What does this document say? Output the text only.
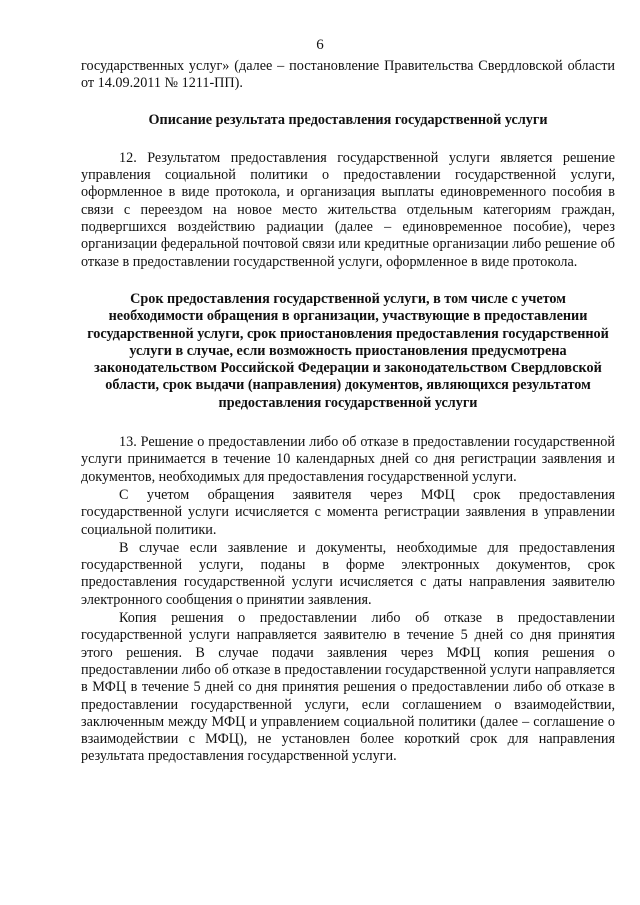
6

государственных услуг» (далее – постановление Правительства Свердловской области от 14.09.2011 № 1211-ПП).

Описание результата предоставления государственной услуги

12. Результатом предоставления государственной услуги является решение управления социальной политики о предоставлении государственной услуги, оформленное в виде протокола, и организация выплаты единовременного пособия в связи с переездом на новое место жительства отдельным категориям граждан, подвергшихся воздействию радиации (далее – единовременное пособие), через организации федеральной почтовой связи или кредитные организации либо решение об отказе в предоставлении государственной услуги, оформленное в виде протокола.

Срок предоставления государственной услуги, в том числе с учетом необходимости обращения в организации, участвующие в предоставлении государственной услуги, срок приостановления предоставления государственной услуги в случае, если возможность приостановления предусмотрена законодательством Российской Федерации и законодательством Свердловской области, срок выдачи (направления) документов, являющихся результатом предоставления государственной услуги

13. Решение о предоставлении либо об отказе в предоставлении государственной услуги принимается в течение 10 календарных дней со дня регистрации заявления и документов, необходимых для предоставления государственной услуги.

С учетом обращения заявителя через МФЦ срок предоставления государственной услуги исчисляется с момента регистрации заявления в управлении социальной политики.

В случае если заявление и документы, необходимые для предоставления государственной услуги, поданы в форме электронных документов, срок предоставления государственной услуги исчисляется с даты направления заявителю электронного сообщения о принятии заявления.

Копия решения о предоставлении либо об отказе в предоставлении государственной услуги направляется заявителю в течение 5 дней со дня принятия этого решения. В случае подачи заявления через МФЦ копия решения о предоставлении либо об отказе в предоставлении государственной услуги направляется в МФЦ в течение 5 дней со дня принятия решения о предоставлении либо об отказе в предоставлении государственной услуги, если соглашением о взаимодействии, заключенным между МФЦ и управлением социальной политики (далее – соглашение о взаимодействии с МФЦ), не установлен более короткий срок для направления результата предоставления государственной услуги.
